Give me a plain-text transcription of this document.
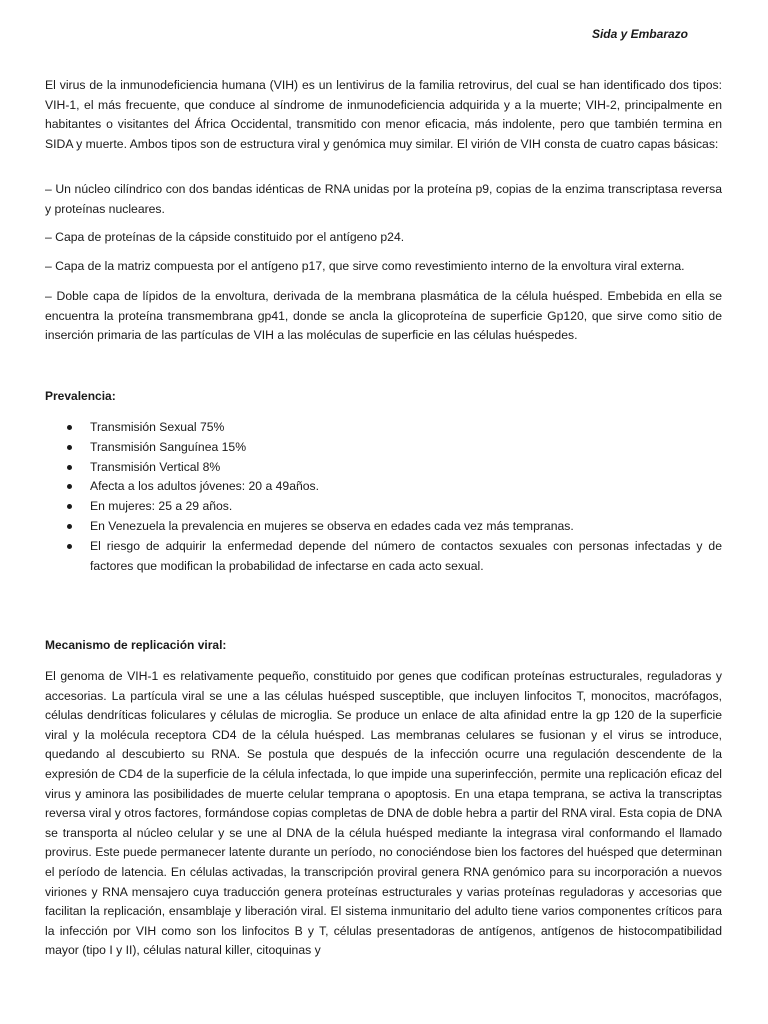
Sida y Embarazo

El virus de la inmunodeficiencia humana (VIH) es un lentivirus de la familia retrovirus, del cual se han identificado dos tipos: VIH-1, el más frecuente, que conduce al síndrome de inmunodeficiencia adquirida y a la muerte; VIH-2, principalmente en habitantes o visitantes del África Occidental, transmitido con menor eficacia, más indolente, pero que también termina en SIDA y muerte. Ambos tipos son de estructura viral y genómica muy similar. El virión de VIH consta de cuatro capas básicas:

– Un núcleo cilíndrico con dos bandas idénticas de RNA unidas por la proteína p9, copias de la enzima transcriptasa reversa y proteínas nucleares.

– Capa de proteínas de la cápside constituido por el antígeno p24.

– Capa de la matriz compuesta por el antígeno p17, que sirve como revestimiento interno de la envoltura viral externa.

– Doble capa de lípidos de la envoltura, derivada de la membrana plasmática de la célula huésped. Embebida en ella se encuentra la proteína transmembrana gp41, donde se ancla la glicoproteína de superficie Gp120, que sirve como sitio de inserción primaria de las partículas de VIH a las moléculas de superficie en las células huéspedes.

Prevalencia:
Transmisión Sexual 75%
Transmisión Sanguínea 15%
Transmisión Vertical 8%
Afecta a los adultos jóvenes: 20 a 49años.
En mujeres: 25 a 29 años.
En Venezuela la prevalencia en mujeres se observa en edades cada vez más tempranas.
El riesgo de adquirir la enfermedad depende del número de contactos sexuales con personas infectadas y de factores que modifican la probabilidad de infectarse en cada acto sexual.
Mecanismo de replicación viral:

El genoma de VIH-1 es relativamente pequeño, constituido por genes que codifican proteínas estructurales, reguladoras y accesorias. La partícula viral se une a las células huésped susceptible, que incluyen linfocitos T, monocitos, macrófagos, células dendríticas foliculares y células de microglia. Se produce un enlace de alta afinidad entre la gp 120 de la superficie viral y la molécula receptora CD4 de la célula huésped. Las membranas celulares se fusionan y el virus se introduce, quedando al descubierto su RNA. Se postula que después de la infección ocurre una regulación descendente de la expresión de CD4 de la superficie de la célula infectada, lo que impide una superinfección, permite una replicación eficaz del virus y aminora las posibilidades de muerte celular temprana o apoptosis. En una etapa temprana, se activa la transcriptas reversa viral y otros factores, formándose copias completas de DNA de doble hebra a partir del RNA viral. Esta copia de DNA se transporta al núcleo celular y se une al DNA de la célula huésped mediante la integrasa viral conformando el llamado provirus. Este puede permanecer latente durante un período, no conociéndose bien los factores del huésped que determinan el período de latencia. En células activadas, la transcripción proviral genera RNA genómico para su incorporación a nuevos viriones y RNA mensajero cuya traducción genera proteínas estructurales y varias proteínas reguladoras y accesorias que facilitan la replicación, ensamblaje y liberación viral. El sistema inmunitario del adulto tiene varios componentes críticos para la infección por VIH como son los linfocitos B y T, células presentadoras de antígenos, antígenos de histocompatibilidad mayor (tipo I y II), células natural killer, citoquinas y
